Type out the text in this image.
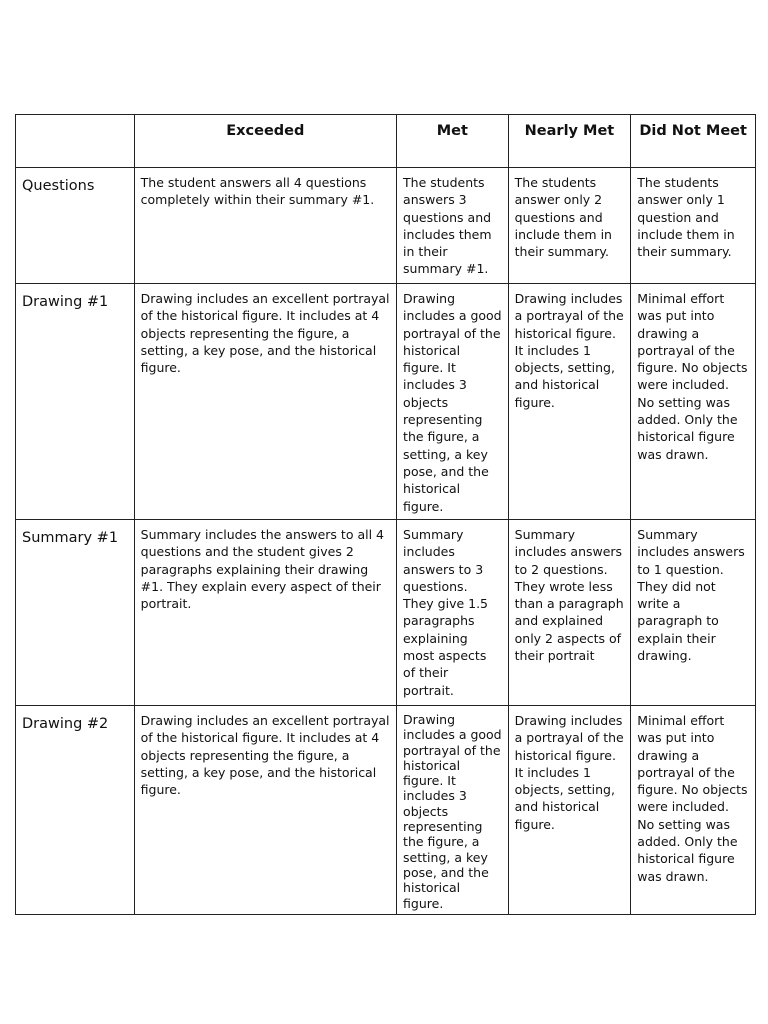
	Exceeded	Met	Nearly Met	Did Not Meet
Questions	The student answers all 4 questions completely within their summary #1.	The students answers 3 questions and includes them in their summary #1.	The students answer only 2 questions and include them in their summary.	The students answer only 1 question and include them in their summary.
Drawing #1	Drawing includes an excellent portrayal of the historical figure. It includes at 4 objects representing the figure, a setting, a key pose, and the historical figure.	Drawing includes a good portrayal of the historical figure. It includes 3 objects representing the figure, a setting, a key pose, and the historical figure.	Drawing includes a portrayal of the historical figure. It includes 1 objects, setting, and historical figure.	Minimal effort was put into drawing a portrayal of the figure. No objects were included. No setting was added. Only the historical figure was drawn.
Summary #1	Summary includes the answers to all 4 questions and the student gives 2 paragraphs explaining their drawing #1. They explain every aspect of their portrait.	Summary includes answers to 3 questions. They give 1.5 paragraphs explaining most aspects of their portrait.	Summary includes answers to 2 questions. They wrote less than a paragraph and explained only 2 aspects of their portrait	Summary includes answers to 1 question. They did not write a paragraph to explain their drawing.
Drawing #2	Drawing includes an excellent portrayal of the historical figure. It includes at 4 objects representing the figure, a setting, a key pose, and the historical figure.	Drawing includes a good portrayal of the historical figure. It includes 3 objects representing the figure, a setting, a key pose, and the historical figure.	Drawing includes a portrayal of the historical figure. It includes 1 objects, setting, and historical figure.	Minimal effort was put into drawing a portrayal of the figure. No objects were included. No setting was added. Only the historical figure was drawn.
